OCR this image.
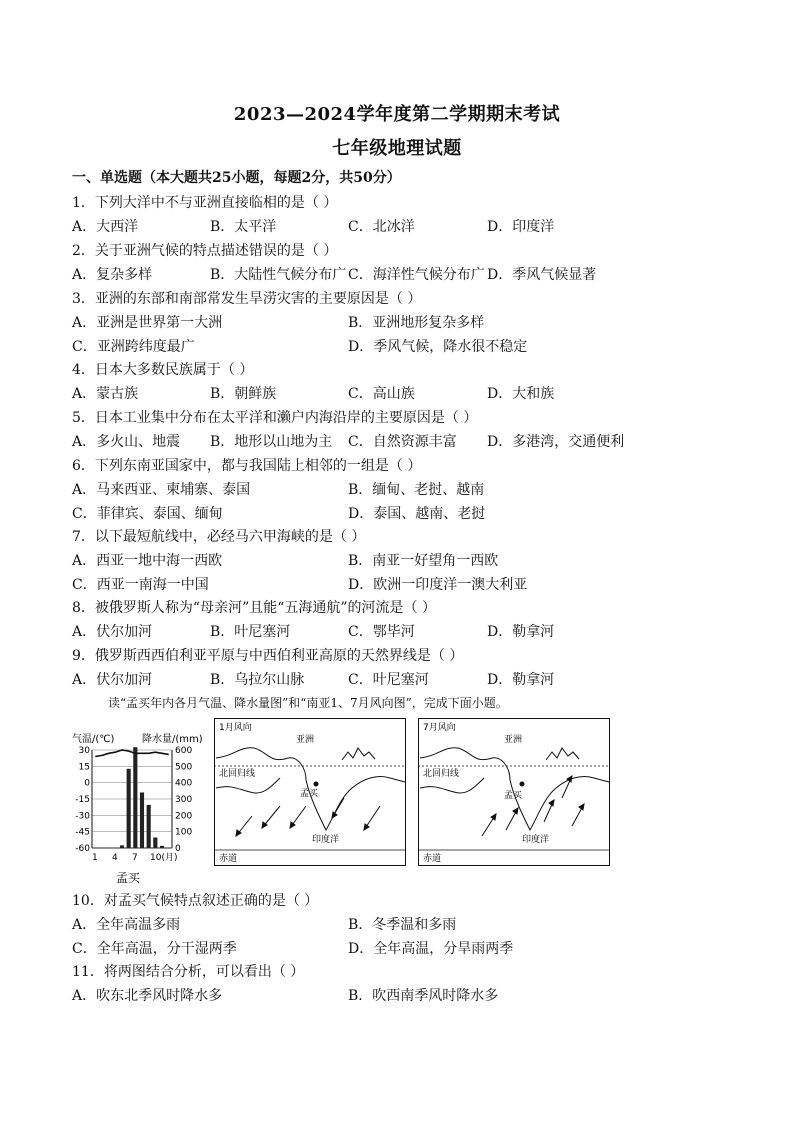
2023—2024学年度第二学期期末考试
七年级地理试题
一、单选题（本大题共25小题，每题2分，共50分）
1．下列大洋中不与亚洲直接临相的是（ ）
A．大西洋	B．太平洋	C．北冰洋	D．印度洋
2．关于亚洲气候的特点描述错误的是（ ）
A．复杂多样	B．大陆性气候分布广 C．海洋性气候分布广 D．季风气候显著
3．亚洲的东部和南部常发生旱涝灾害的主要原因是（ ）
A．亚洲是世界第一大洲	B．亚洲地形复杂多样
C．亚洲跨纬度最广	D．季风气候，降水很不稳定
4．日本大多数民族属于（ ）
A．蒙古族	B．朝鲜族	C．高山族	D．大和族
5．日本工业集中分布在太平洋和濑户内海沿岸的主要原因是（ ）
A．多火山、地震 B．地形以山地为主 C．自然资源丰富 D．多港湾，交通便利
6．下列东南亚国家中，都与我国陆上相邻的一组是（ ）
A．马来西亚、柬埔寨、泰国	B．缅甸、老挝、越南
C．菲律宾、泰国、缅甸	D．泰国、越南、老挝
7．以下最短航线中，必经马六甲海峡的是（ ）
A．西亚一地中海一西欧	B．南亚一好望角一西欧
C．西亚一南海一中国	D．欧洲一印度洋一澳大利亚
8．被俄罗斯人称为“母亲河”且能“五海通航”的河流是（ ）
A．伏尔加河	B．叶尼塞河	C．鄂毕河	D．勒拿河
9．俄罗斯西西伯利亚平原与中西伯利亚高原的天然界线是（ ）
A．伏尔加河	B．乌拉尔山脉	C．叶尼塞河	D．勒拿河
读“孟买年内各月气温、降水量图”和“南亚1、7月风向图”，完成下面小题。
气温/(℃)	降水量/(mm)
30
15
0
-15
-30
-45
-60
600
500
400
300
200
100
0
1 4 7 10(月)
孟买
1月风向
亚洲
北回归线
孟买
印度洋
赤道
7月风向
亚洲
北回归线
孟买
印度洋
赤道
10．对孟买气候特点叙述正确的是（ ）
A．全年高温多雨	B．冬季温和多雨
C．全年高温，分干湿两季	D．全年高温，分旱雨两季
11．将两图结合分析，可以看出（ ）
A．吹东北季风时降水多	B．吹西南季风时降水多
